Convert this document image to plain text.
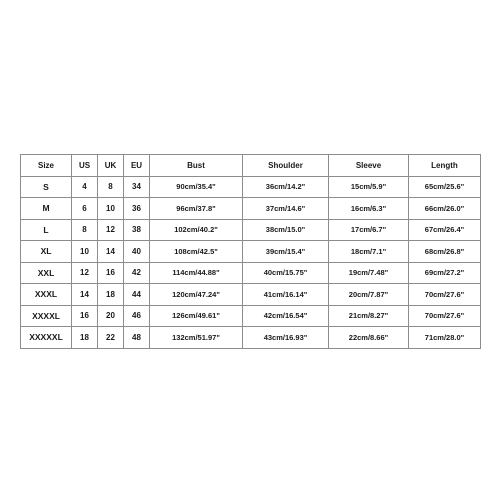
Size	US	UK	EU	Bust	Shoulder	Sleeve	Length
S	4	8	34	90cm/35.4"	36cm/14.2"	15cm/5.9"	65cm/25.6"
M	6	10	36	96cm/37.8"	37cm/14.6"	16cm/6.3"	66cm/26.0"
L	8	12	38	102cm/40.2"	38cm/15.0"	17cm/6.7"	67cm/26.4"
XL	10	14	40	108cm/42.5"	39cm/15.4"	18cm/7.1"	68cm/26.8"
XXL	12	16	42	114cm/44.88"	40cm/15.75"	19cm/7.48"	69cm/27.2"
XXXL	14	18	44	120cm/47.24"	41cm/16.14"	20cm/7.87"	70cm/27.6"
XXXXL	16	20	46	126cm/49.61"	42cm/16.54"	21cm/8.27"	70cm/27.6"
XXXXXL	18	22	48	132cm/51.97"	43cm/16.93"	22cm/8.66"	71cm/28.0"
